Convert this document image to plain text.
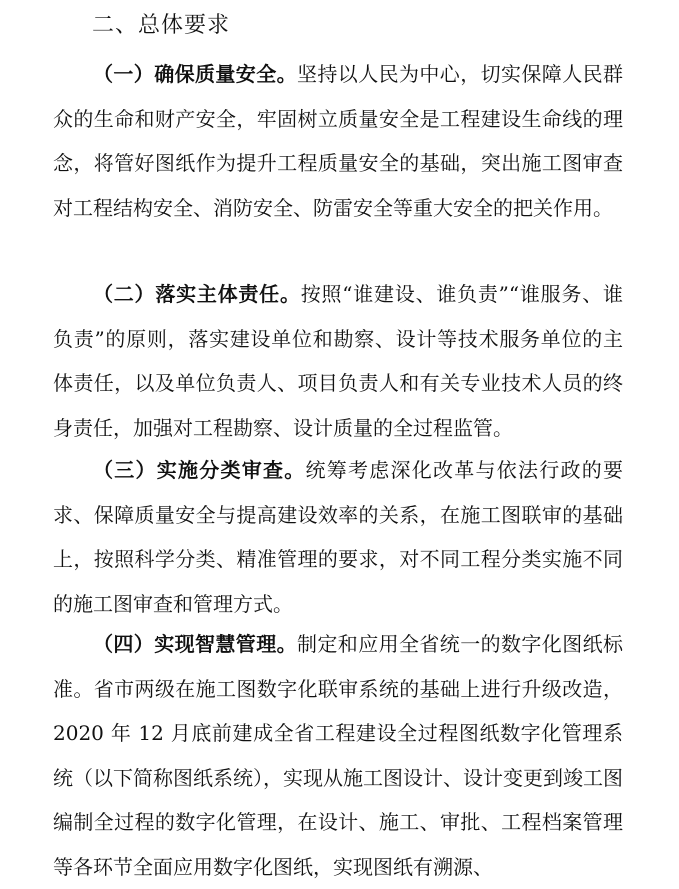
二、总体要求

（一）确保质量安全。坚持以人民为中心，切实保障人民群众的生命和财产安全，牢固树立质量安全是工程建设生命线的理念，将管好图纸作为提升工程质量安全的基础，突出施工图审查对工程结构安全、消防安全、防雷安全等重大安全的把关作用。

（二）落实主体责任。按照“谁建设、谁负责”“谁服务、谁负责”的原则，落实建设单位和勘察、设计等技术服务单位的主体责任，以及单位负责人、项目负责人和有关专业技术人员的终身责任，加强对工程勘察、设计质量的全过程监管。

（三）实施分类审查。统筹考虑深化改革与依法行政的要求、保障质量安全与提高建设效率的关系，在施工图联审的基础上，按照科学分类、精准管理的要求，对不同工程分类实施不同的施工图审查和管理方式。

（四）实现智慧管理。制定和应用全省统一的数字化图纸标准。省市两级在施工图数字化联审系统的基础上进行升级改造，2020 年 12 月底前建成全省工程建设全过程图纸数字化管理系统（以下简称图纸系统），实现从施工图设计、设计变更到竣工图编制全过程的数字化管理，在设计、施工、审批、工程档案管理等各环节全面应用数字化图纸，实现图纸有溯源、
